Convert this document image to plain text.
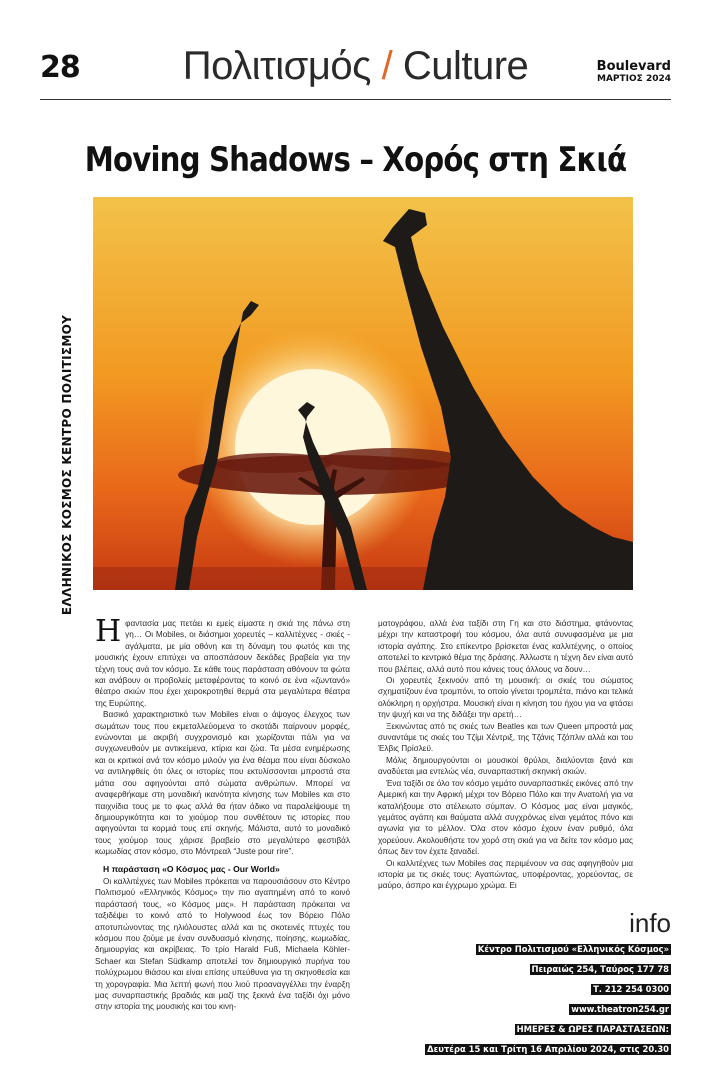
28	Πολιτισμός / Culture	Boulevard
ΜΑΡΤΙΟΣ 2024
Moving Shadows – Χορός στη Σκιά
ΕΛΛΗΝΙΚΟΣ ΚΟΣΜΟΣ ΚΕΝΤΡΟ ΠΟΛΙΤΙΣΜΟΥ

Ηφαντασία μας πετάει κι εμείς είμαστε η σκιά της πάνω στη γη… Οι Mobiles, οι διάσημοι χορευτές – καλλιτέχνες - σκιές - αγάλματα, με μία οθόνη και τη δύναμη του φωτός και της μουσικής έχουν επιτύχει να αποσπάσουν δεκάδες βραβεία για την τέχνη τους ανά τον κόσμο. Σε κάθε τους παράσταση αθόνουν τα φώτα και ανάβουν οι προβολείς μεταφέροντας το κοινό σε ένα «ζωντανό» θέατρο σκιών που έχει χειροκροτηθεί θερμά στα μεγαλύτερα θέατρα της Ευρώπης.

Βασικό χαρακτηριστικό των Mobiles είναι ο άψογος έλεγχος των σωμάτων τους που εκμεταλλεύομενα το σκοτάδι παίρνουν μορφές, ενώνονται με ακριβή συγχρονισμό και χωρίζονται πάλι για να συγχωνευθούν με αντικείμενα, κτίρια και ζώα. Τα μέσα ενημέρωσης και οι κριτικοί ανά τον κόσμο μιλούν για ένα θέαμα που είναι δύσκολο να αντιληφθείς ότι όλες οι ιστορίες που εκτυλίσσονται μπροστά στα μάτια σου αφηγούνται από σώματα ανθρώπων. Μπορεί να αναφερθήκαμε στη μοναδική ικανότητα κίνησης των Mobiles και στο παιχνίδια τους με το φως αλλά θα ήταν άδικο να παραλείψουμε τη δημιουργικότητα και το χιούμορ που συνθέτουν τις ιστορίες που αφηγούνται τα κορμιά τους επί σκηνής. Μάλιστα, αυτό το μοναδικό τους χιούμορ τους χάρισε βραβείο στο μεγαλύτερο φεστιβάλ κωμωδίας στον κόσμο, στο Μόντρεαλ “Juste pour rire”.

Η παράσταση «Ο Κόσμος μας - Our World»

Οι καλλιτέχνες των Mobiles πρόκειται να παρουσιάσουν στο Κέντρο Πολιτισμού «Ελληνικός Κόσμος» την πιο αγαπημένη από το κοινό παράστασή τους, «ο Κόσμος μας». Η παράσταση πρόκειται να ταξιδέψει το κοινό από το Holywood έως τον Βόρειο Πόλο αποτυπώνοντας της ηλιόλουστες αλλά και τις σκοτεινές πτυχές του κόσμου που ζούμε με έναν συνδυασμό κίνησης, ποίησης, κωμωδίας, δημιουργίας και ακρίβειας. Το τρίο Harald Fuß, Michaela Köhler-Schaer και Stefan Südkamp αποτελεί τον δημιουργικό πυρήνα του πολύχρωμου θιάσου και είναι επίσης υπεύθυνα για τη σκηνοθεσία και τη χορογραφία. Μια λεπτή φωνή που λιού προαναγγέλλει την έναρξη μας συναρπαστικής βραδιάς και μαζί της ξεκινά ένα ταξίδι όχι μόνο στην ιστορία της μουσικής και του κινη-

ματογράφου, αλλά ένα ταξίδι στη Γη και στο διάστημα, φτάνοντας μέχρι την καταστροφή του κόσμου, όλα αυτά συνυφασμένα με μια ιστορία αγάπης. Στο επίκεντρο βρίσκεται ένας καλλιτέχνης, ο οποίος αποτελεί το κεντρικό θέμα της δράσης. Άλλωστε η τέχνη δεν είναι αυτό που βλέπεις, αλλά αυτό που κάνεις τους άλλους να δουν…

Οι χορευτές ξεκινούν από τη μουσική: οι σκιές του σώματος σχηματίζουν ένα τρομπόνι, το οποίο γίνεται τρομπέτα, πιάνο και τελικά ολόκληρη η ορχήστρα. Μουσική είναι η κίνηση του ήχου για να φτάσει την ψυχή και να της διδάξει την αρετή…

Ξεκινώντας από τις σκιές των Beatles και των Queen μπροστά μας συναντάμε τις σκιές του Τζίμι Χέντριξ, της Τζάνις Τζόπλιν αλλά και του Έλβις Πρίσλεϋ.

Μόλις δημιουργούνται οι μουσικοί θρύλοι, διαλύονται ξανά και αναδύεται μια εντελώς νέα, συναρπαστική σκηνική σκιών.

Ένα ταξίδι σε όλο τον κόσμο γεμάτο συναρπαστικές εικόνες από την Αμερική και την Αφρική μέχρι τον Βόρειο Πόλο και την Ανατολή για να καταλήξουμε στο ατέλειωτο σύμπαν. Ο Κόσμος μας είναι μαγικός, γεμάτος αγάπη και θαύματα αλλά συγχρόνως είναι γεμάτος πόνο και αγωνία για το μέλλον. Όλα στον κόσμο έχουν έναν ρυθμό, όλα χορεύουν. Ακολουθήστε τον χορό στη σκιά για να δείτε τον κόσμο μας όπως δεν τον έχετε ξαναδεί.

Οι καλλιτέχνες των Mobiles σας περιμένουν να σας αφηγηθούν μια ιστορία με τις σκιές τους: Αγαπώντας, υποφέροντας, χορεύοντας, σε μαύρο, άσπρο και έγχρωμο χρώμα. Ει

info
Κέντρο Πολιτισμού «Ελληνικός Κόσμος»
Πειραιώς 254, Ταύρος 177 78
Τ. 212 254 0300
www.theatron254.gr
ΗΜΕΡΕΣ & ΩΡΕΣ ΠΑΡΑΣΤΑΣΕΩΝ:
Δευτέρα 15 και Τρίτη 16 Απριλίου 2024, στις 20.30
